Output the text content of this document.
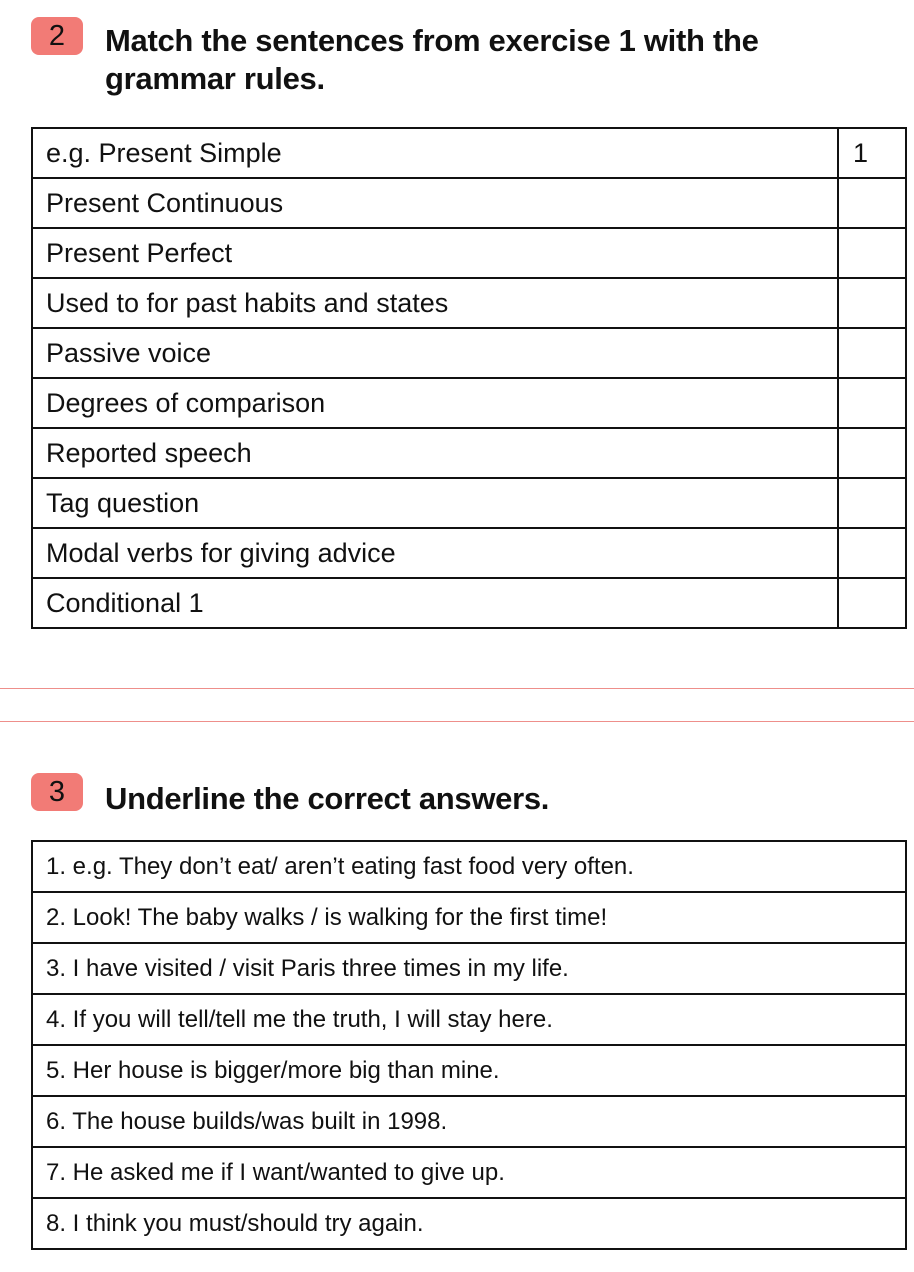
2	Match the sentences from exercise 1 with the
grammar rules.
e.g. Present Simple	1
Present Continuous	
Present Perfect	
Used to for past habits and states	
Passive voice	
Degrees of comparison	
Reported speech	
Tag question	
Modal verbs for giving advice	
Conditional 1	
3	Underline the correct answers.
1. e.g. They don’t eat/ aren’t eating fast food very often.
2. Look! The baby walks / is walking for the first time!
3. I have visited / visit Paris three times in my life.
4. If you will tell/tell me the truth, I will stay here.
5. Her house is bigger/more big than mine.
6. The house builds/was built in 1998.
7. He asked me if I want/wanted to give up.
8. I think you must/should try again.
